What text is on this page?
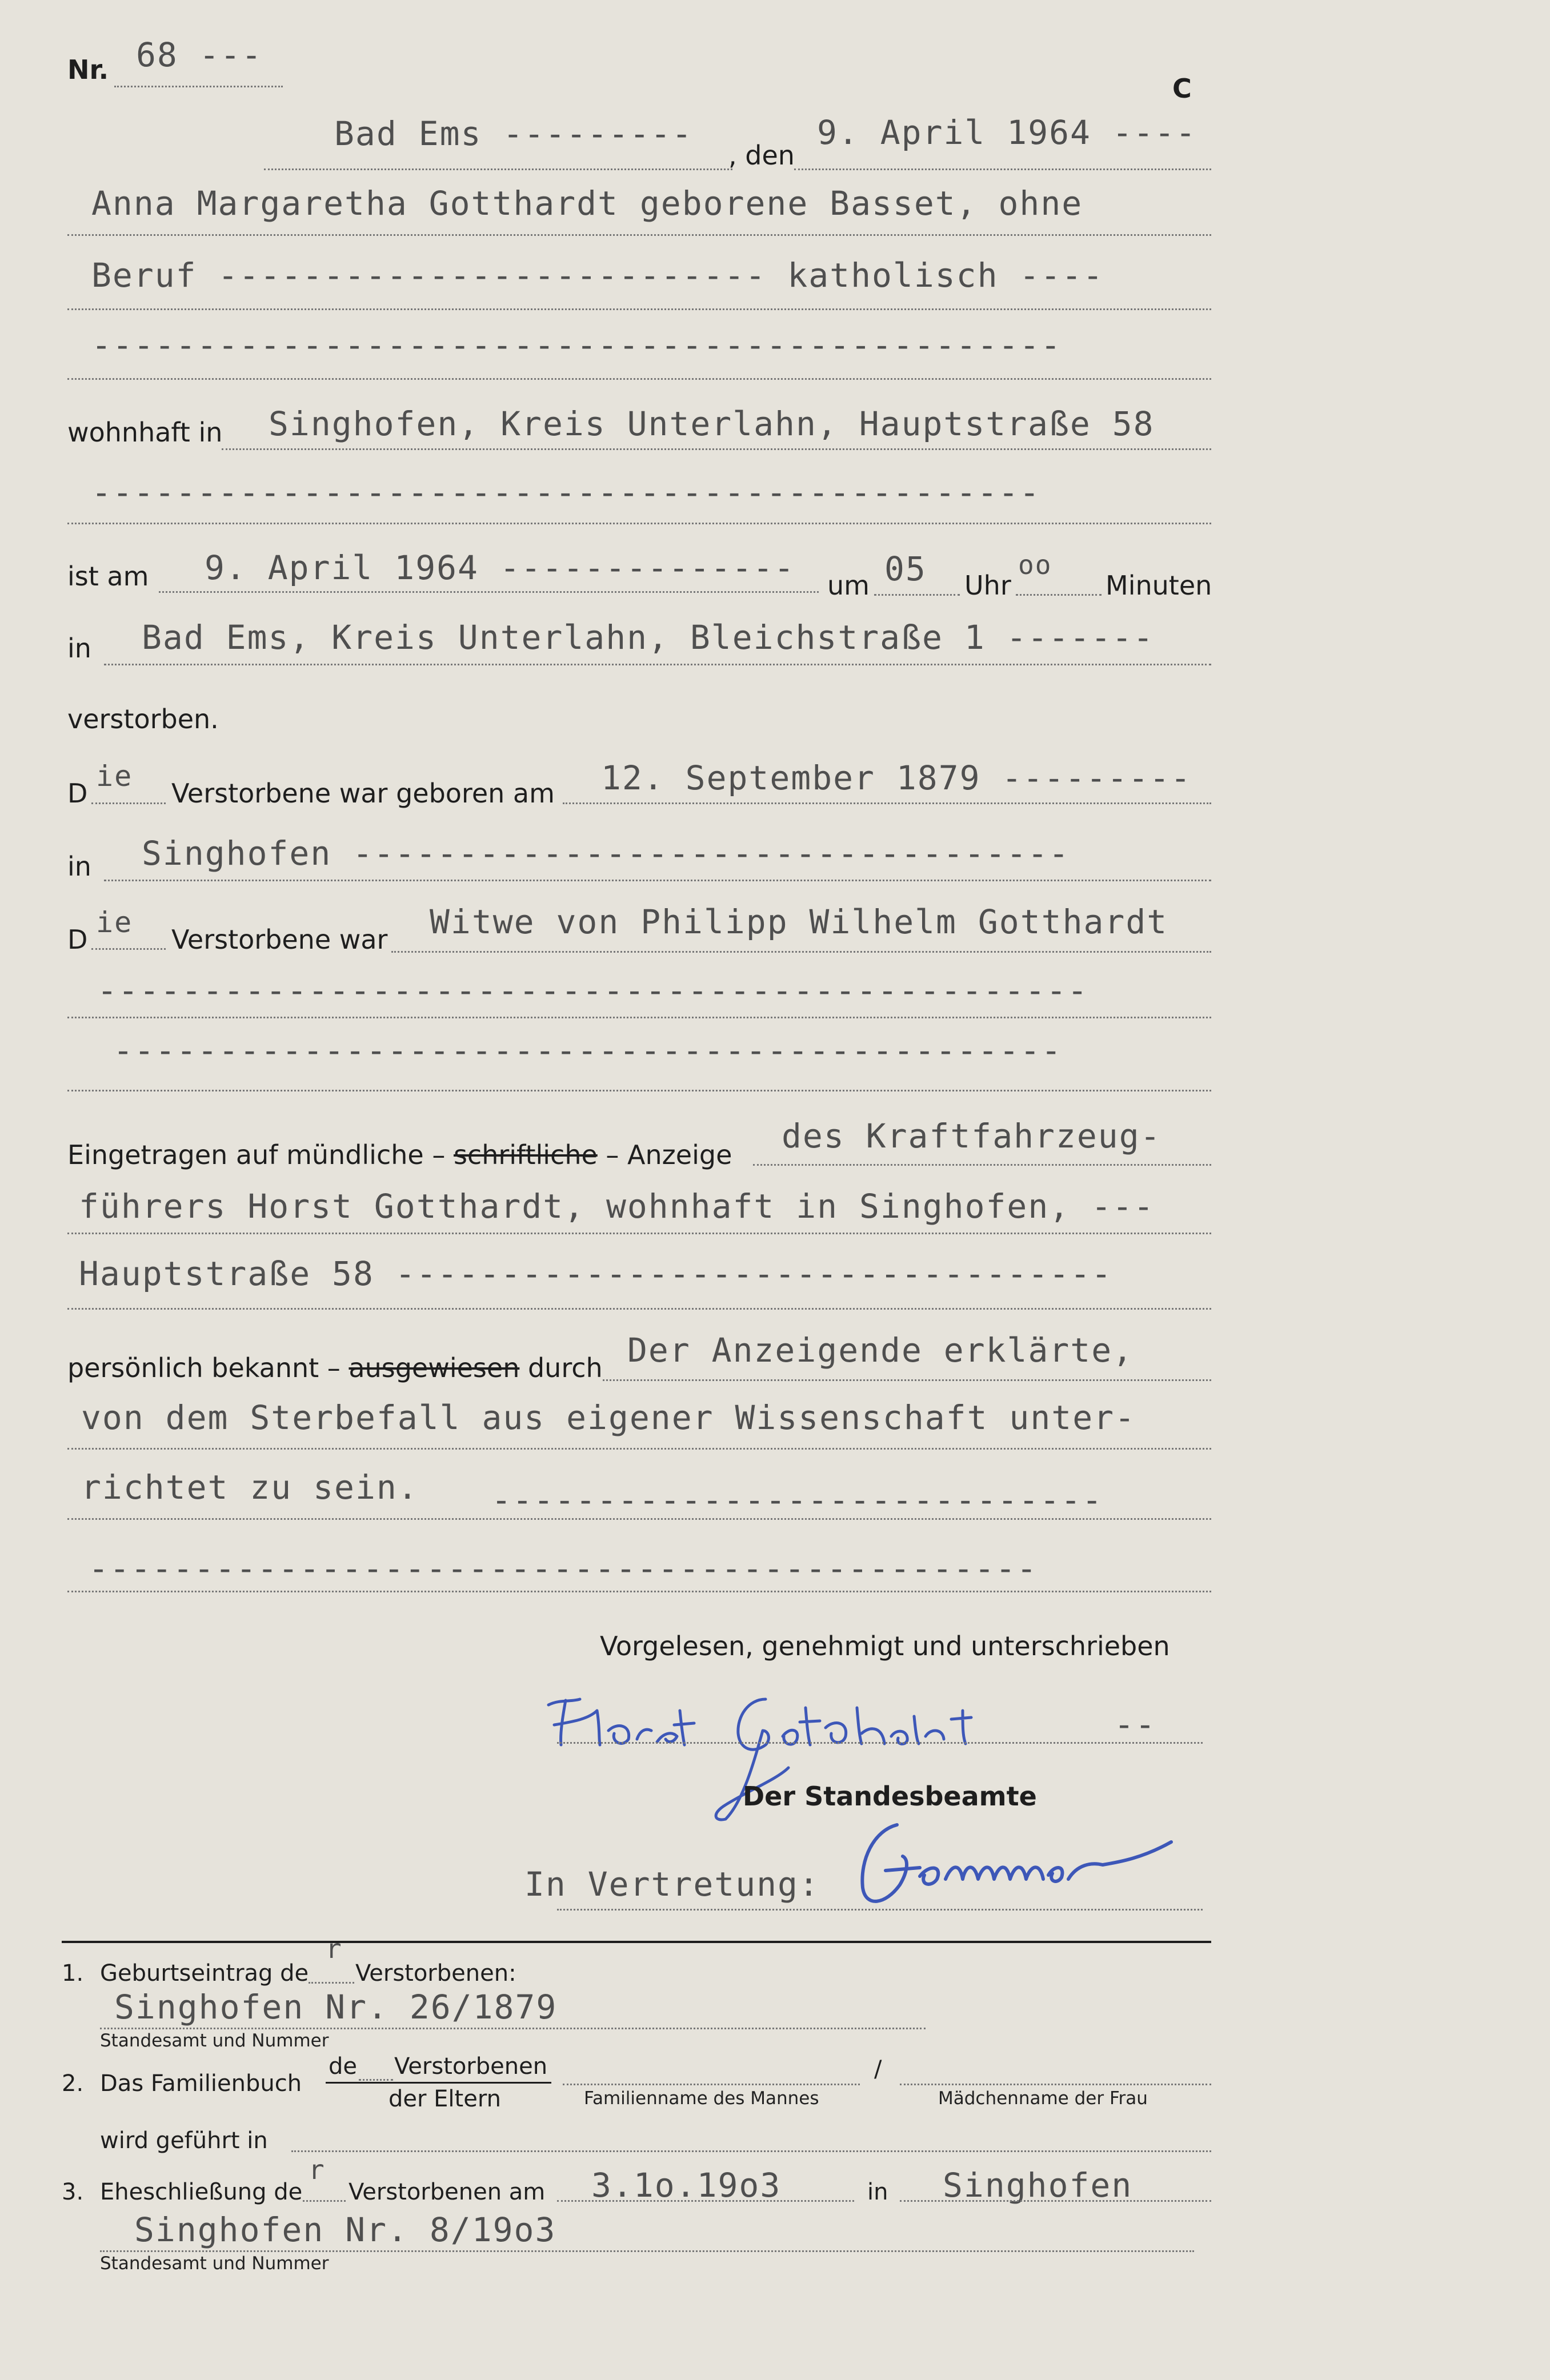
Nr. 68 ---
C
Bad Ems ---------
, den
9. April 1964 ----
Anna Margaretha Gotthardt geborene Basset, ohne
Beruf -------------------------- katholisch ----
----------------------------------------------
wohnhaft in Singhofen, Kreis Unterlahn, Hauptstraße 58
---------------------------------------------
ist am 9. April 1964 -------------- um 05 Uhr
oo
Minuten
in Bad Ems, Kreis Unterlahn, Bleichstraße 1 -------
verstorben.
D
ie
Verstorbene war geboren am 12. September 1879 ---------
in Singhofen ----------------------------------
D
ie
Verstorbene war Witwe von Philipp Wilhelm Gotthardt
-----------------------------------------------
---------------------------------------------
Eingetragen auf mündliche – schriftliche – Anzeige des Kraftfahrzeug-
führers Horst Gotthardt, wohnhaft in Singhofen, ---
Hauptstraße 58 ----------------------------------
persönlich bekannt – ausgewiesen durch Der Anzeigende erklärte,
von dem Sterbefall aus eigener Wissenschaft unter-
richtet zu sein. -----------------------------
---------------------------------------------
Vorgelesen, genehmigt und unterschrieben
--
Der Standesbeamte
In Vertretung:
1. Geburtseintrag de
r
Verstorbenen:
Singhofen Nr. 26/1879
Standesamt und Nummer
2. Das Familienbuch
de Verstorbenen
der Eltern	Familienname des Mannes
/
Mädchenname der Frau
wird geführt in
3. Eheschließung de
r
Verstorbenen am 3.1o.19o3	in Singhofen
Singhofen Nr. 8/19o3
Standesamt und Nummer
